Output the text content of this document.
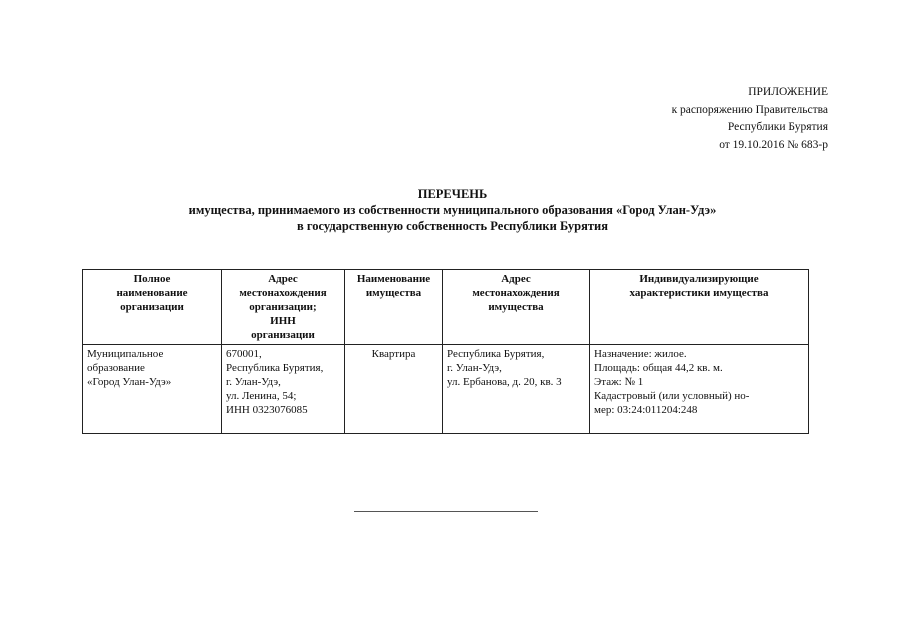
ПРИЛОЖЕНИЕ
к распоряжению Правительства
Республики Бурятия
от 19.10.2016 № 683-р
ПЕРЕЧЕНЬ
имущества, принимаемого из собственности муниципального образования «Город Улан-Удэ»
в государственную собственность Республики Бурятия
Полное
наименование
организации	Адрес
местонахождения
организации;
ИНН
организации	Наименование
имущества	Адрес
местонахождения
имущества	Индивидуализирующие
характеристики имущества

Муниципальное
образование
«Город Улан-Удэ»	670001,
Республика Бурятия,
г. Улан-Удэ,
ул. Ленина, 54;
ИНН 0323076085	Квартира	Республика Бурятия,
г. Улан-Удэ,
ул. Ербанова, д. 20, кв. 3	Назначение: жилое.
Площадь: общая 44,2 кв. м.
Этаж: № 1
Кадастровый (или условный) но-
мер: 03:24:011204:248
